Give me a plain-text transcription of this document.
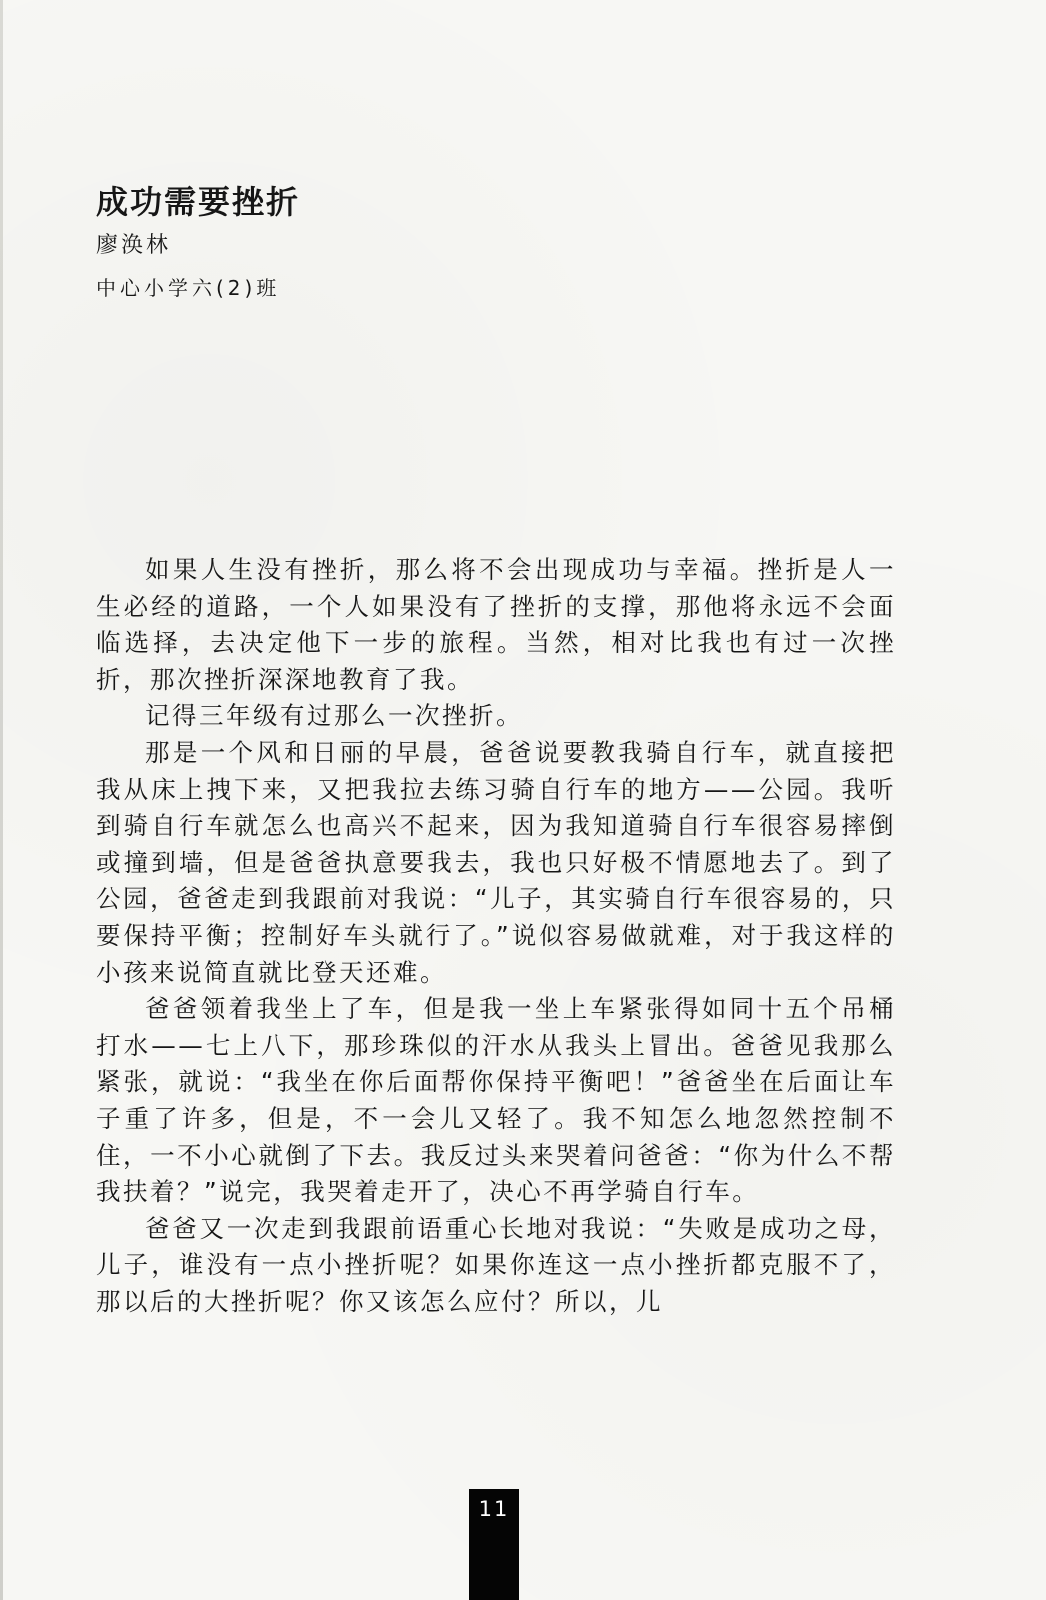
成功需要挫折
廖涣林
中心小学六(2)班

如果人生没有挫折，那么将不会出现成功与幸福。挫折是人一生必经的道路，一个人如果没有了挫折的支撑，那他将永远不会面临选择，去决定他下一步的旅程。当然，相对比我也有过一次挫折，那次挫折深深地教育了我。

记得三年级有过那么一次挫折。

那是一个风和日丽的早晨，爸爸说要教我骑自行车，就直接把我从床上拽下来，又把我拉去练习骑自行车的地方——公园。我听到骑自行车就怎么也高兴不起来，因为我知道骑自行车很容易摔倒或撞到墙，但是爸爸执意要我去，我也只好极不情愿地去了。到了公园，爸爸走到我跟前对我说：“儿子，其实骑自行车很容易的，只要保持平衡；控制好车头就行了。”说似容易做就难，对于我这样的小孩来说简直就比登天还难。

爸爸领着我坐上了车，但是我一坐上车紧张得如同十五个吊桶打水——七上八下，那珍珠似的汗水从我头上冒出。爸爸见我那么紧张，就说：“我坐在你后面帮你保持平衡吧！”爸爸坐在后面让车子重了许多，但是，不一会儿又轻了。我不知怎么地忽然控制不住，一不小心就倒了下去。我反过头来哭着问爸爸：“你为什么不帮我扶着？”说完，我哭着走开了，决心不再学骑自行车。

爸爸又一次走到我跟前语重心长地对我说：“失败是成功之母，儿子，谁没有一点小挫折呢？如果你连这一点小挫折都克服不了，那以后的大挫折呢？你又该怎么应付？所以，儿

11
